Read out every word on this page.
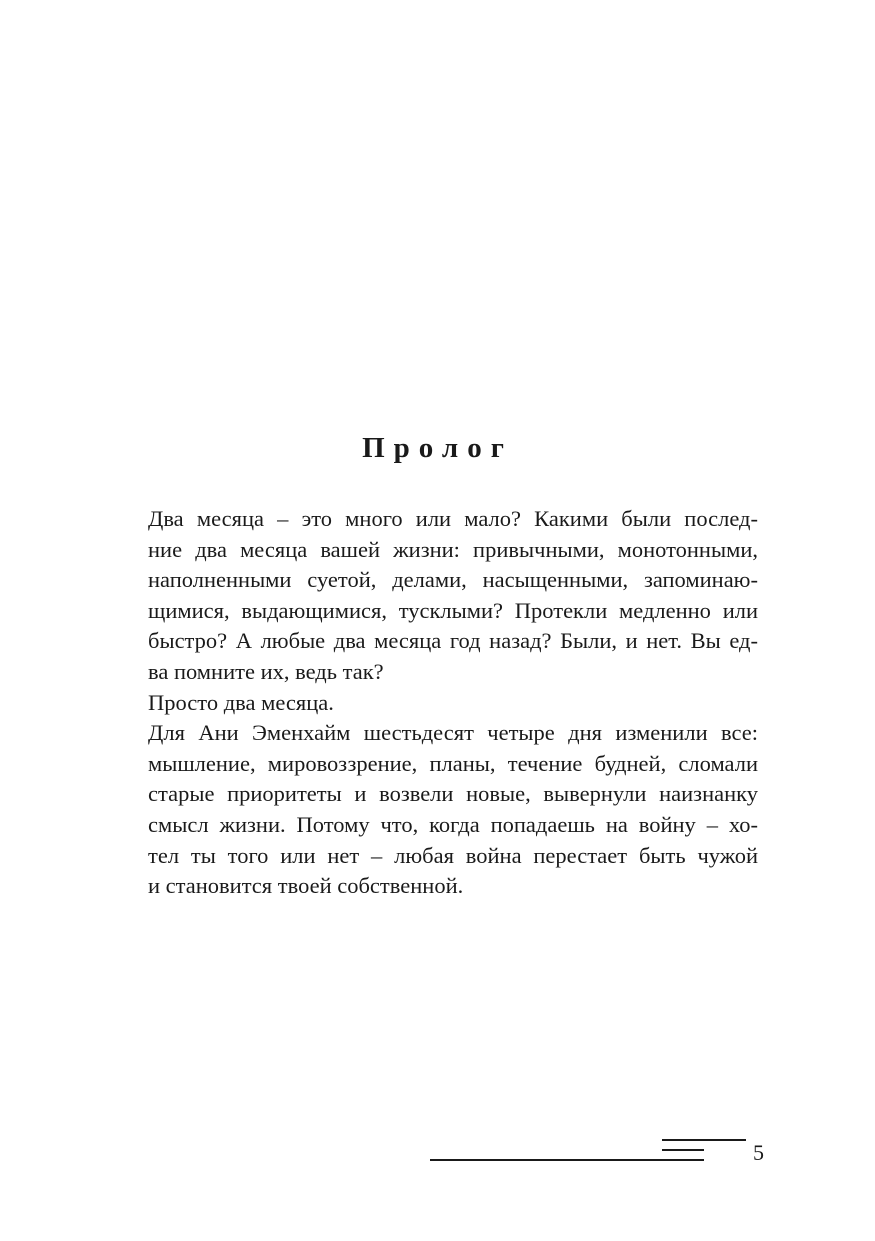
Пролог

Два месяца – это много или мало? Какими были послед-
ние два месяца вашей жизни: привычными, монотонными,
наполненными суетой, делами, насыщенными, запоминаю-
щимися, выдающимися, тусклыми? Протекли медленно или
быстро? А любые два месяца год назад? Были, и нет. Вы ед-
ва помните их, ведь так?

Просто два месяца.

Для Ани Эменхайм шестьдесят четыре дня изменили все:
мышление, мировоззрение, планы, течение будней, сломали
старые приоритеты и возвели новые, вывернули наизнанку
смысл жизни. Потому что, когда попадаешь на войну – хо-
тел ты того или нет – любая война перестает быть чужой
и становится твоей собственной.

5
